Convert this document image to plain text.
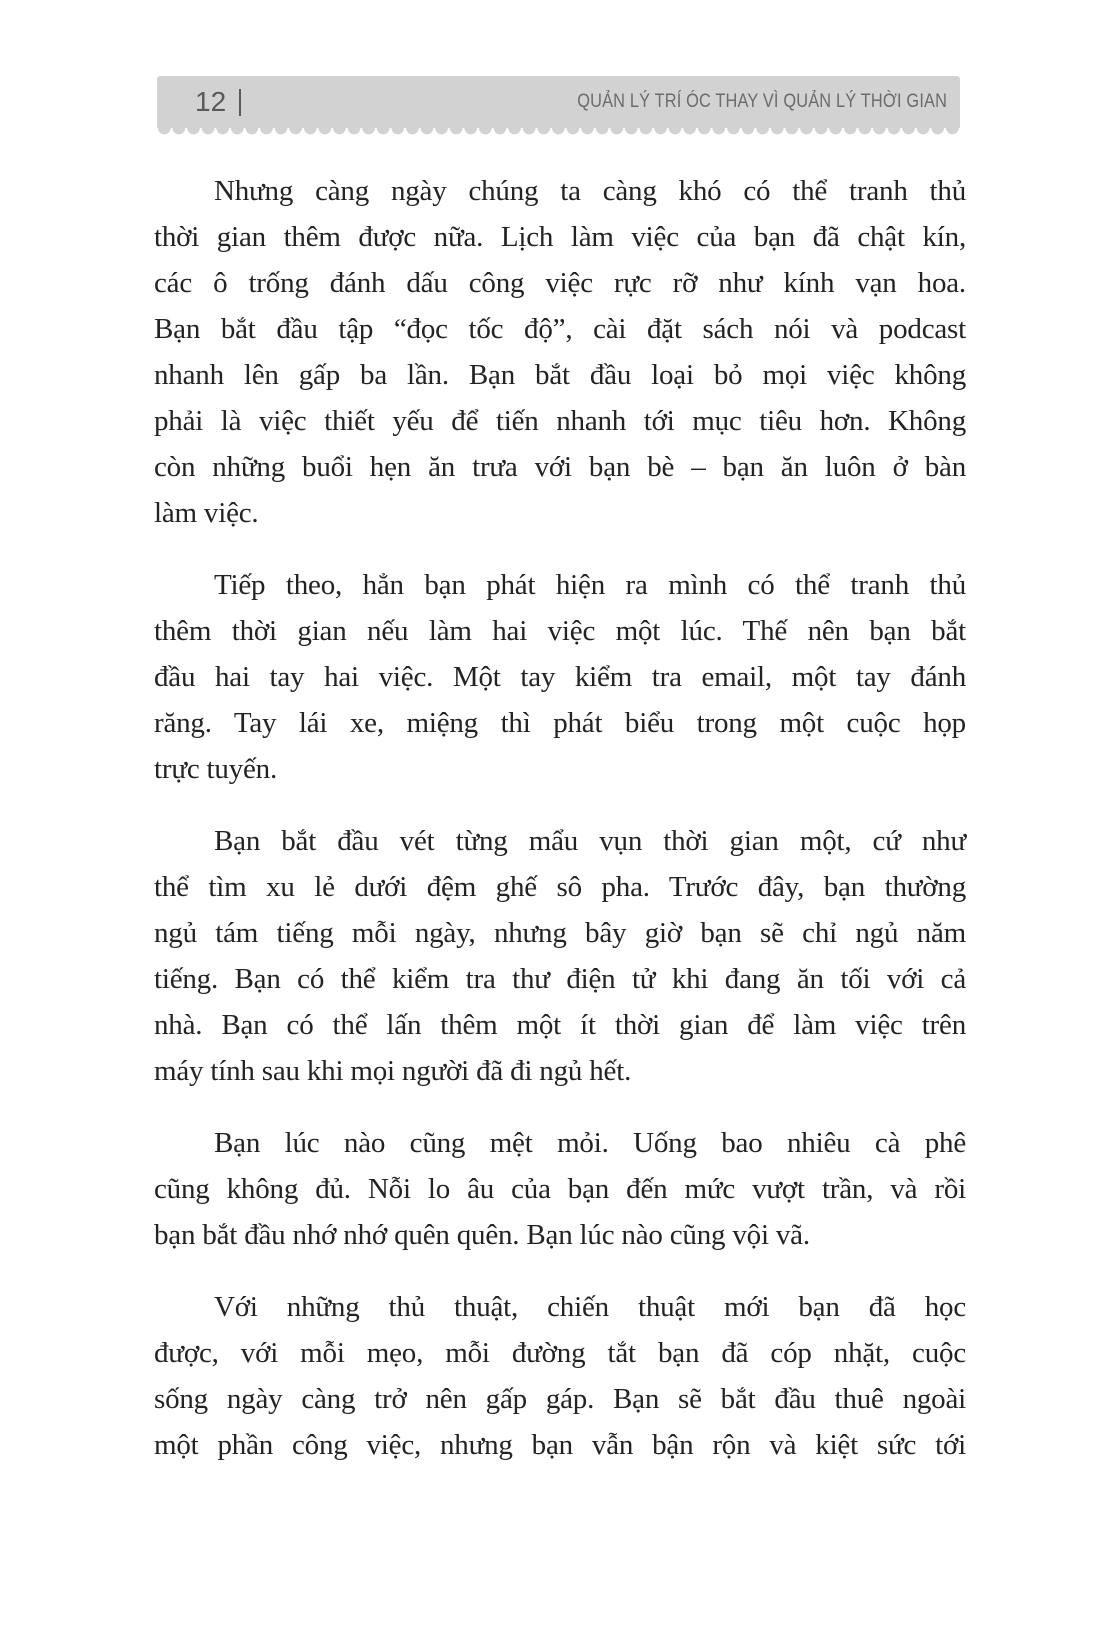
12	QUẢN LÝ TRÍ ÓC THAY VÌ QUẢN LÝ THỜI GIAN
Nhưng càng ngày chúng ta càng khó có thể tranh thủ
thời gian thêm được nữa. Lịch làm việc của bạn đã chật kín,
các ô trống đánh dấu công việc rực rỡ như kính vạn hoa.
Bạn bắt đầu tập “đọc tốc độ”, cài đặt sách nói và podcast
nhanh lên gấp ba lần. Bạn bắt đầu loại bỏ mọi việc không
phải là việc thiết yếu để tiến nhanh tới mục tiêu hơn. Không
còn những buổi hẹn ăn trưa với bạn bè – bạn ăn luôn ở bàn
làm việc.
Tiếp theo, hẳn bạn phát hiện ra mình có thể tranh thủ
thêm thời gian nếu làm hai việc một lúc. Thế nên bạn bắt
đầu hai tay hai việc. Một tay kiểm tra email, một tay đánh
răng. Tay lái xe, miệng thì phát biểu trong một cuộc họp
trực tuyến.
Bạn bắt đầu vét từng mẩu vụn thời gian một, cứ như
thể tìm xu lẻ dưới đệm ghế sô pha. Trước đây, bạn thường
ngủ tám tiếng mỗi ngày, nhưng bây giờ bạn sẽ chỉ ngủ năm
tiếng. Bạn có thể kiểm tra thư điện tử khi đang ăn tối với cả
nhà. Bạn có thể lấn thêm một ít thời gian để làm việc trên
máy tính sau khi mọi người đã đi ngủ hết.
Bạn lúc nào cũng mệt mỏi. Uống bao nhiêu cà phê
cũng không đủ. Nỗi lo âu của bạn đến mức vượt trần, và rồi
bạn bắt đầu nhớ nhớ quên quên. Bạn lúc nào cũng vội vã.
Với những thủ thuật, chiến thuật mới bạn đã học
được, với mỗi mẹo, mỗi đường tắt bạn đã cóp nhặt, cuộc
sống ngày càng trở nên gấp gáp. Bạn sẽ bắt đầu thuê ngoài
một phần công việc, nhưng bạn vẫn bận rộn và kiệt sức tới
